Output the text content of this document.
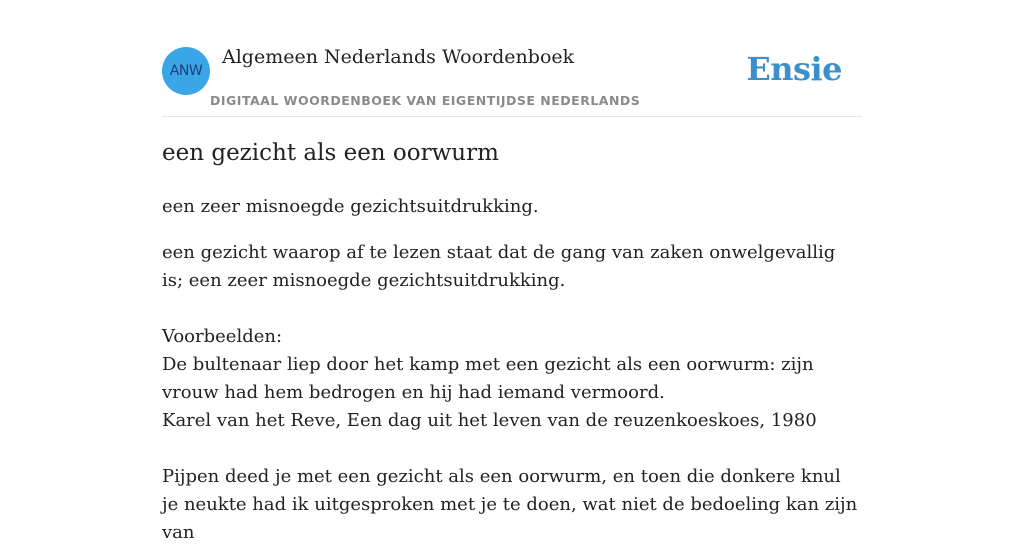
ANW
Algemeen Nederlands Woordenboek
DIGITAAL WOORDENBOEK VAN EIGENTIJDSE NEDERLANDS
Ensie
een gezicht als een oorwurm

een zeer misnoegde gezichtsuitdrukking.

een gezicht waarop af te lezen staat dat de gang van zaken onwelgevallig is; een zeer misnoegde gezichtsuitdrukking.
Voorbeelden:
De bultenaar liep door het kamp met een gezicht als een oorwurm: zijn vrouw had hem bedrogen en hij had iemand vermoord.
Karel van het Reve, Een dag uit het leven van de reuzenkoeskoes, 1980
Pijpen deed je met een gezicht als een oorwurm, en toen die donkere knul je neukte had ik uitgesproken met je te doen, wat niet de bedoeling kan zijn van
